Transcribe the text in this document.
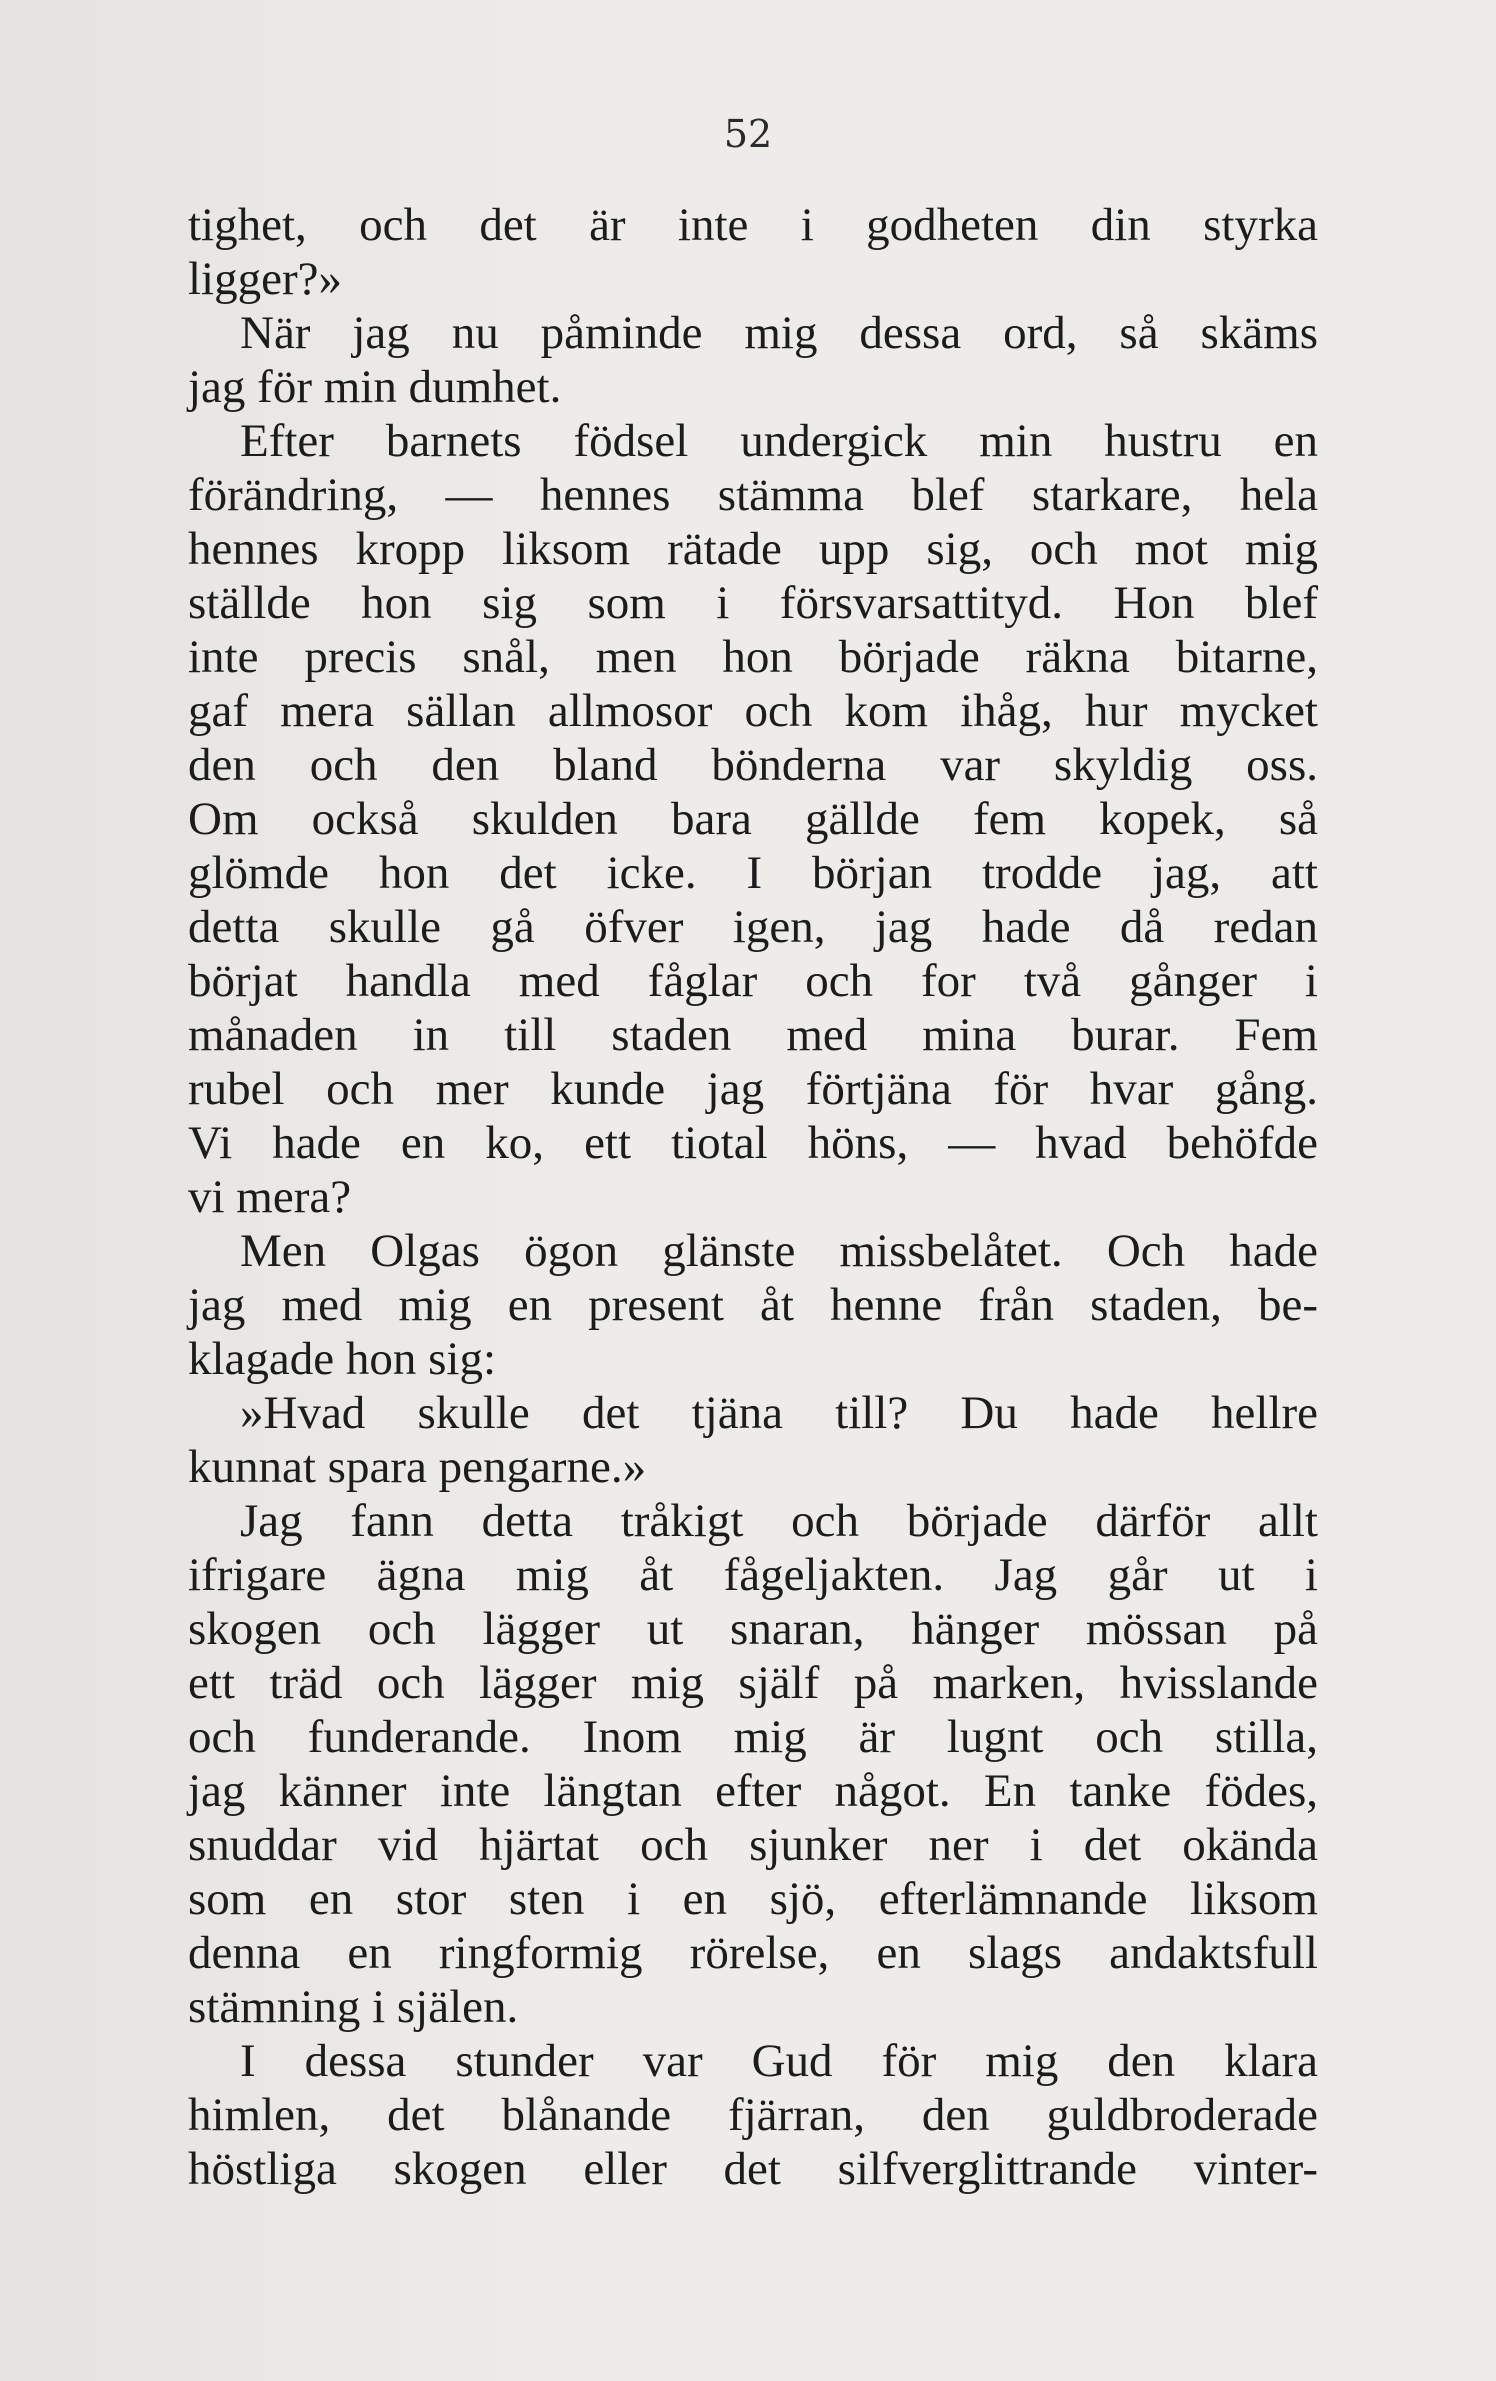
52
tighet, och det är inte i godheten din styrka
ligger?»
När jag nu påminde mig dessa ord, så skäms
jag för min dumhet.
Efter barnets födsel undergick min hustru en
förändring, — hennes stämma blef starkare, hela
hennes kropp liksom rätade upp sig, och mot mig
ställde hon sig som i försvarsattityd. Hon blef
inte precis snål, men hon började räkna bitarne,
gaf mera sällan allmosor och kom ihåg, hur mycket
den och den bland bönderna var skyldig oss.
Om också skulden bara gällde fem kopek, så
glömde hon det icke. I början trodde jag, att
detta skulle gå öfver igen, jag hade då redan
börjat handla med fåglar och for två gånger i
månaden in till staden med mina burar. Fem
rubel och mer kunde jag förtjäna för hvar gång.
Vi hade en ko, ett tiotal höns, — hvad behöfde
vi mera?
Men Olgas ögon glänste missbelåtet. Och hade
jag med mig en present åt henne från staden, be-
klagade hon sig:
»Hvad skulle det tjäna till? Du hade hellre
kunnat spara pengarne.»
Jag fann detta tråkigt och började därför allt
ifrigare ägna mig åt fågeljakten. Jag går ut i
skogen och lägger ut snaran, hänger mössan på
ett träd och lägger mig själf på marken, hvisslande
och funderande. Inom mig är lugnt och stilla,
jag känner inte längtan efter något. En tanke födes,
snuddar vid hjärtat och sjunker ner i det okända
som en stor sten i en sjö, efterlämnande liksom
denna en ringformig rörelse, en slags andaktsfull
stämning i själen.
I dessa stunder var Gud för mig den klara
himlen, det blånande fjärran, den guldbroderade
höstliga skogen eller det silfverglittrande vinter-
